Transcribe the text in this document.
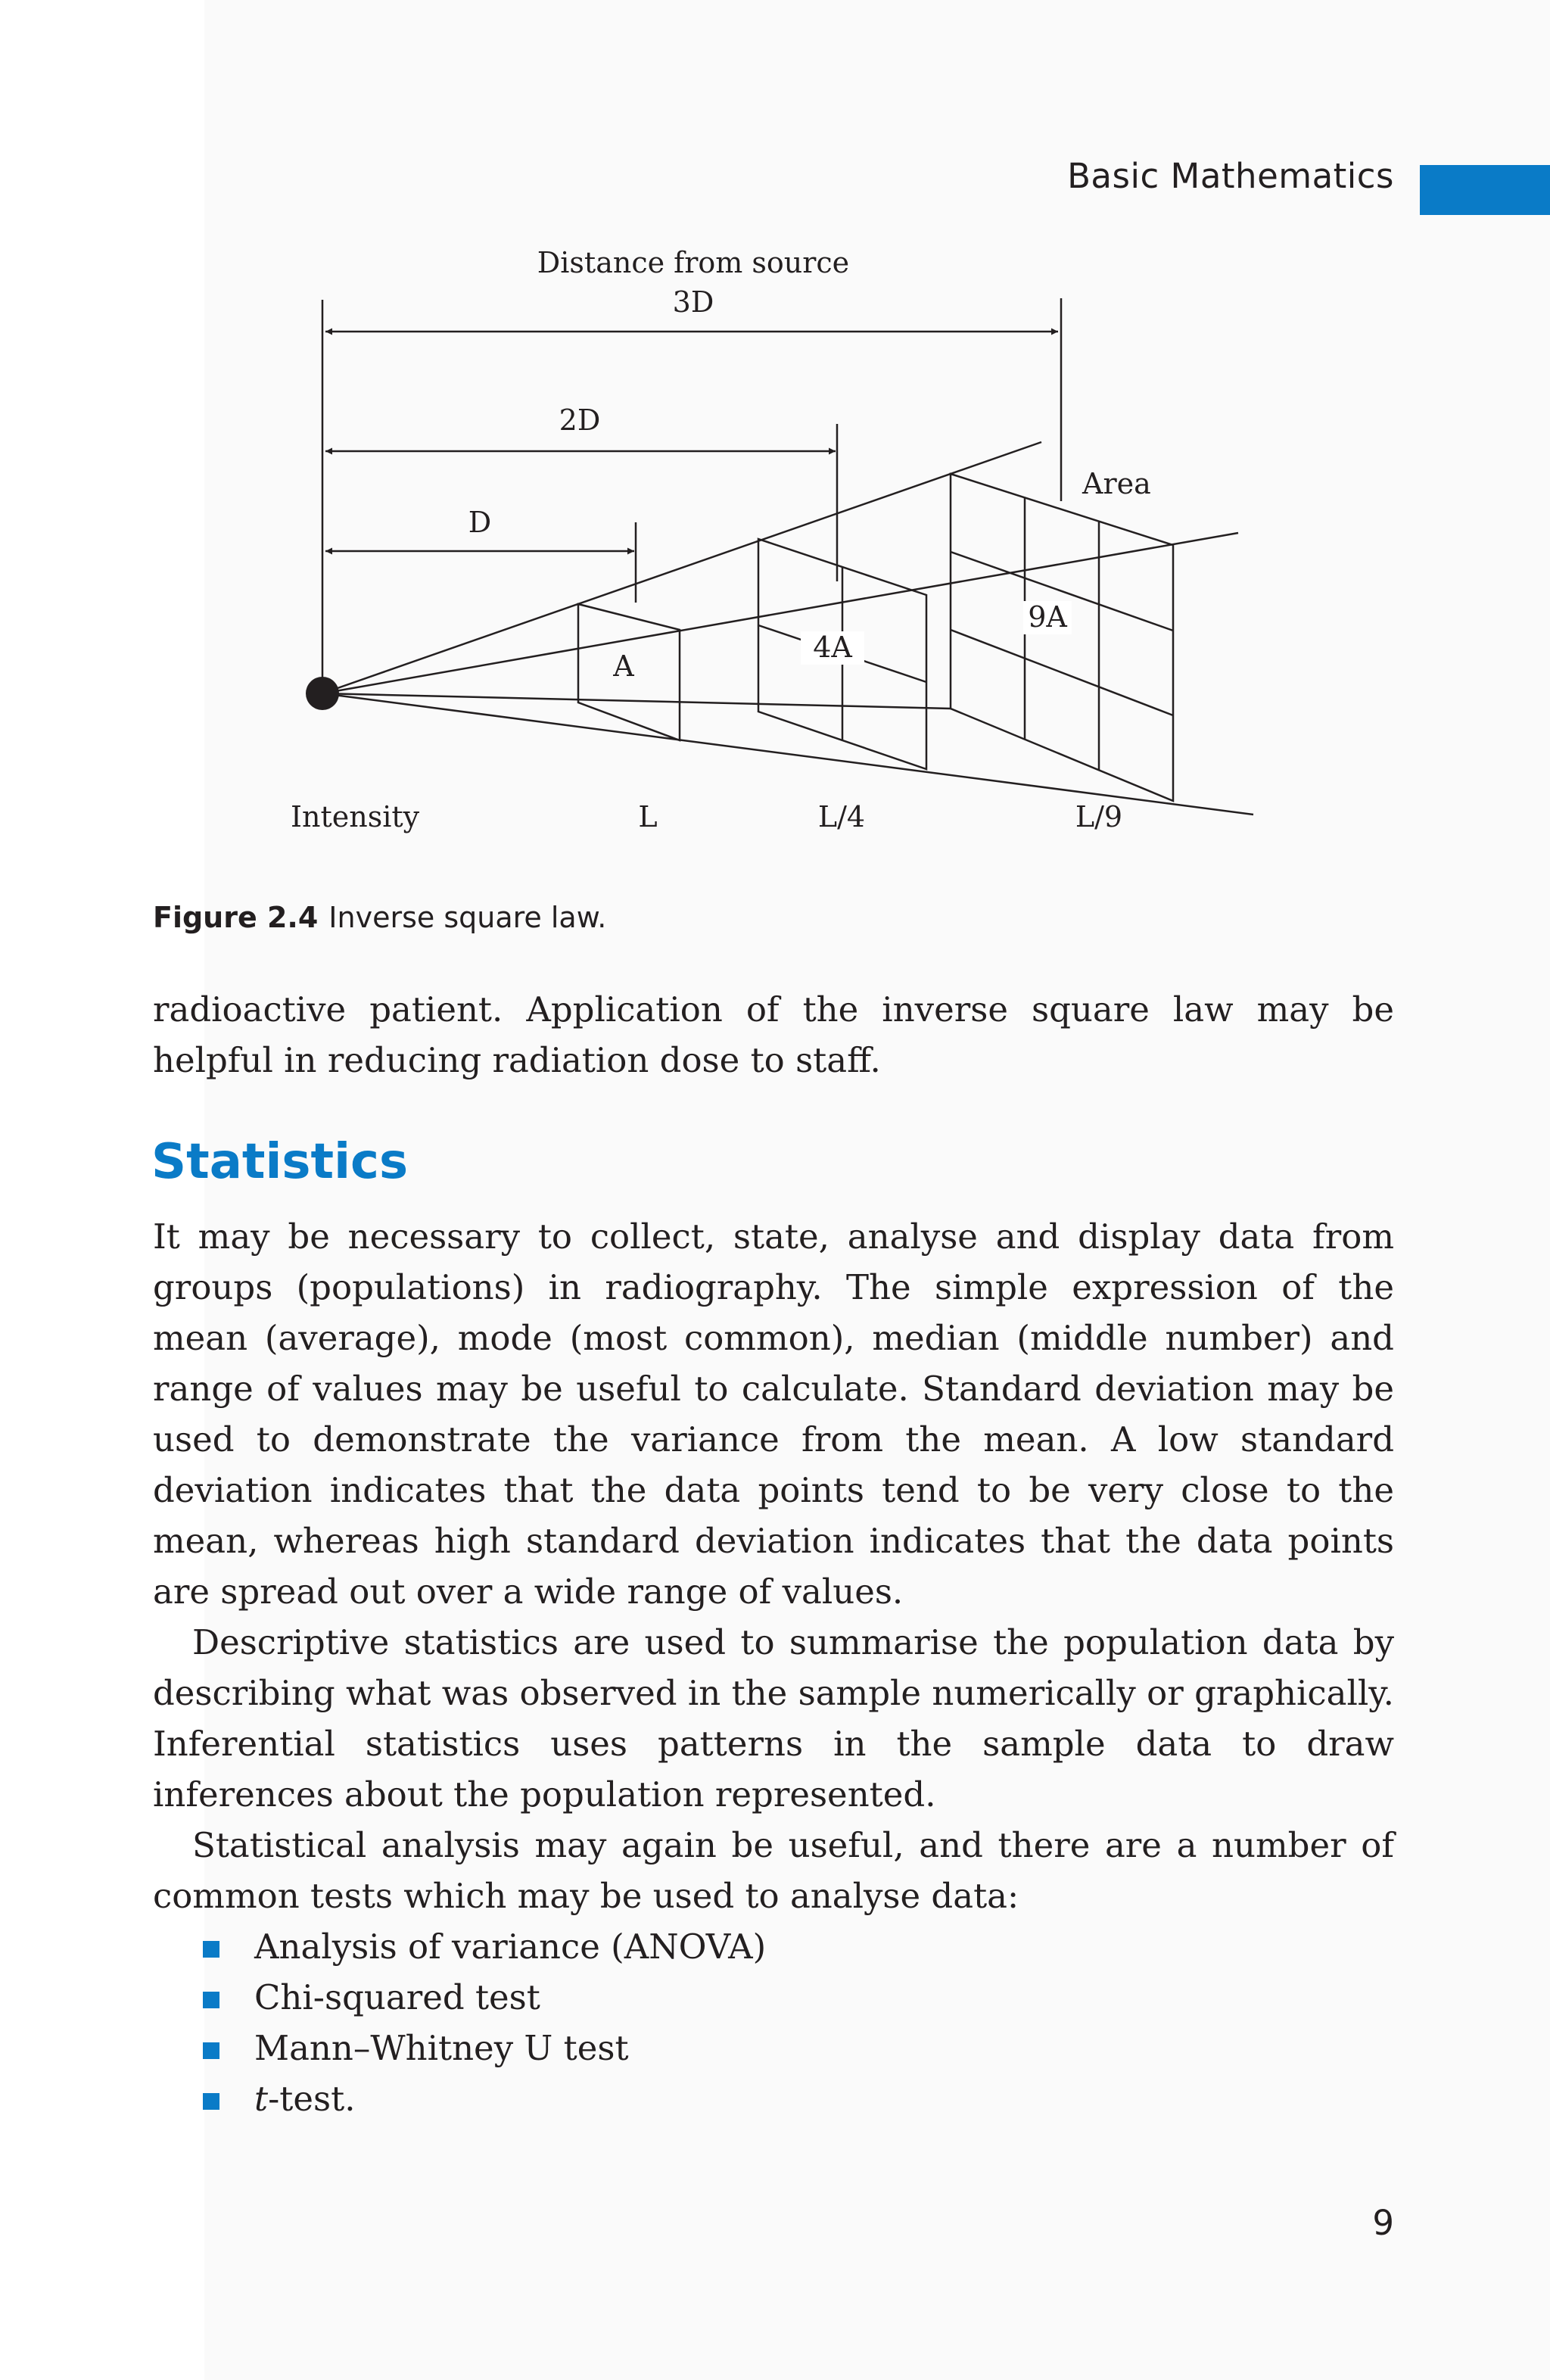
Basic Mathematics
Distance from source
3D
2D
D
Area
A
4A
9A
Intensity	L	L/4	L/9
Figure 2.4 Inverse square law.
radioactive patient. Application of the inverse square law may be helpful in reducing radiation dose to staff.
Statistics

It may be necessary to collect, state, analyse and display data from groups (populations) in radiography. The simple expression of the mean (average), mode (most common), median (middle number) and range of values may be useful to calculate. Standard deviation may be used to demonstrate the variance from the mean. A low standard deviation indicates that the data points tend to be very close to the mean, whereas high standard deviation indicates that the data points are spread out over a wide range of values.

Descriptive statistics are used to summarise the population data by describing what was observed in the sample numerically or graphically. Inferential statistics uses patterns in the sample data to draw inferences about the population represented.

Statistical analysis may again be useful, and there are a number of common tests which may be used to analyse data:

Analysis of variance (ANOVA)
Chi-squared test
Mann–Whitney U test
t-test.
9
